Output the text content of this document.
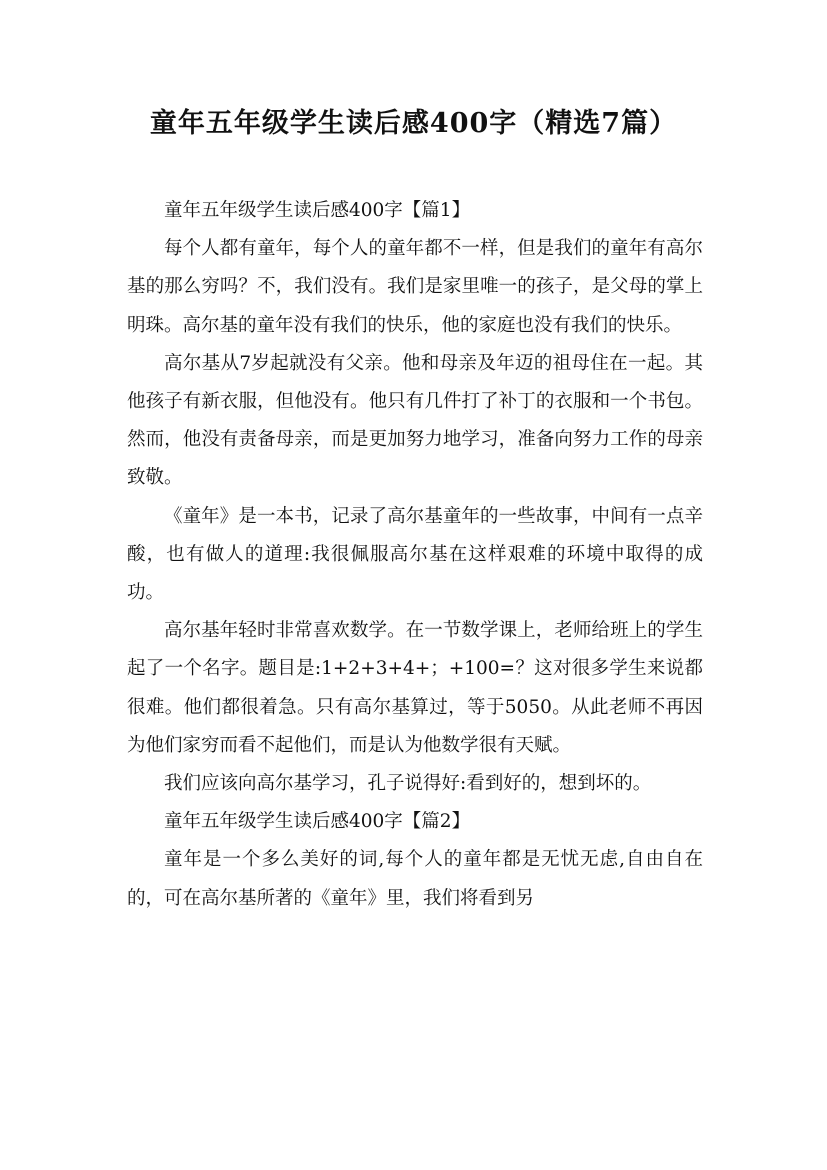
童年五年级学生读后感400字（精选7篇）

童年五年级学生读后感400字【篇1】

每个人都有童年，每个人的童年都不一样，但是我们的童年有高尔基的那么穷吗？不，我们没有。我们是家里唯一的孩子，是父母的掌上明珠。高尔基的童年没有我们的快乐，他的家庭也没有我们的快乐。

高尔基从7岁起就没有父亲。他和母亲及年迈的祖母住在一起。其他孩子有新衣服，但他没有。他只有几件打了补丁的衣服和一个书包。然而，他没有责备母亲，而是更加努力地学习，准备向努力工作的母亲致敬。

《童年》是一本书，记录了高尔基童年的一些故事，中间有一点辛酸，也有做人的道理:我很佩服高尔基在这样艰难的环境中取得的成功。

高尔基年轻时非常喜欢数学。在一节数学课上，老师给班上的学生起了一个名字。题目是:1+2+3+4+；+100=？这对很多学生来说都很难。他们都很着急。只有高尔基算过，等于5050。从此老师不再因为他们家穷而看不起他们，而是认为他数学很有天赋。

我们应该向高尔基学习，孔子说得好:看到好的，想到坏的。

童年五年级学生读后感400字【篇2】

童年是一个多么美好的词,每个人的童年都是无忧无虑,自由自在的，可在高尔基所著的《童年》里，我们将看到另
